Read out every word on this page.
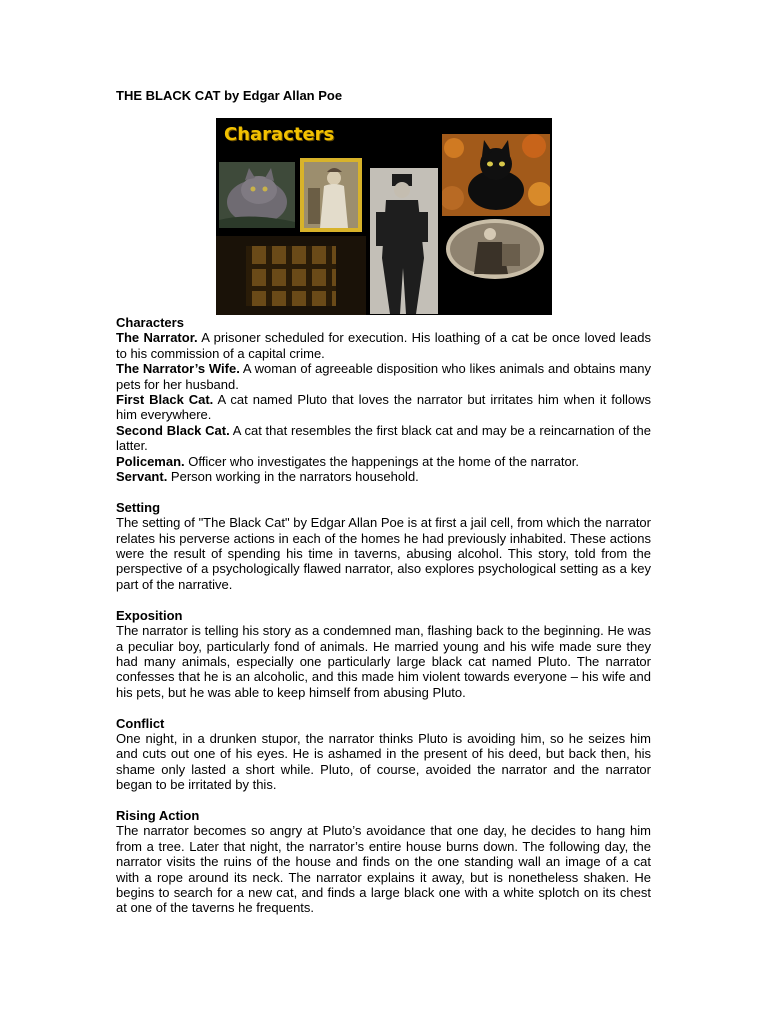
THE BLACK CAT by Edgar Allan Poe
Characters

Characters

The Narrator. A prisoner scheduled for execution. His loathing of a cat be once loved leads to his commission of a capital crime.

The Narrator’s Wife. A woman of agreeable disposition who likes animals and obtains many pets for her husband.

First Black Cat. A cat named Pluto that loves the narrator but irritates him when it follows him everywhere.

Second Black Cat. A cat that resembles the first black cat and may be a reincarnation of the latter.

Policeman. Officer who investigates the happenings at the home of the narrator.

Servant. Person working in the narrators household.

Setting

The setting of "The Black Cat" by Edgar Allan Poe is at first a jail cell, from which the narrator relates his perverse actions in each of the homes he had previously inhabited. These actions were the result of spending his time in taverns, abusing alcohol. This story, told from the perspective of a psychologically flawed narrator, also explores psychological setting as a key part of the narrative.

Exposition

The narrator is telling his story as a condemned man, flashing back to the beginning. He was a peculiar boy, particularly fond of animals. He married young and his wife made sure they had many animals, especially one particularly large black cat named Pluto. The narrator confesses that he is an alcoholic, and this made him violent towards everyone – his wife and his pets, but he was able to keep himself from abusing Pluto.

Conflict

One night, in a drunken stupor, the narrator thinks Pluto is avoiding him, so he seizes him and cuts out one of his eyes. He is ashamed in the present of his deed, but back then, his shame only lasted a short while. Pluto, of course, avoided the narrator and the narrator began to be irritated by this.

Rising Action

The narrator becomes so angry at Pluto’s avoidance that one day, he decides to hang him from a tree. Later that night, the narrator’s entire house burns down. The following day, the narrator visits the ruins of the house and finds on the one standing wall an image of a cat with a rope around its neck. The narrator explains it away, but is nonetheless shaken. He begins to search for a new cat, and finds a large black one with a white splotch on its chest at one of the taverns he frequents.
